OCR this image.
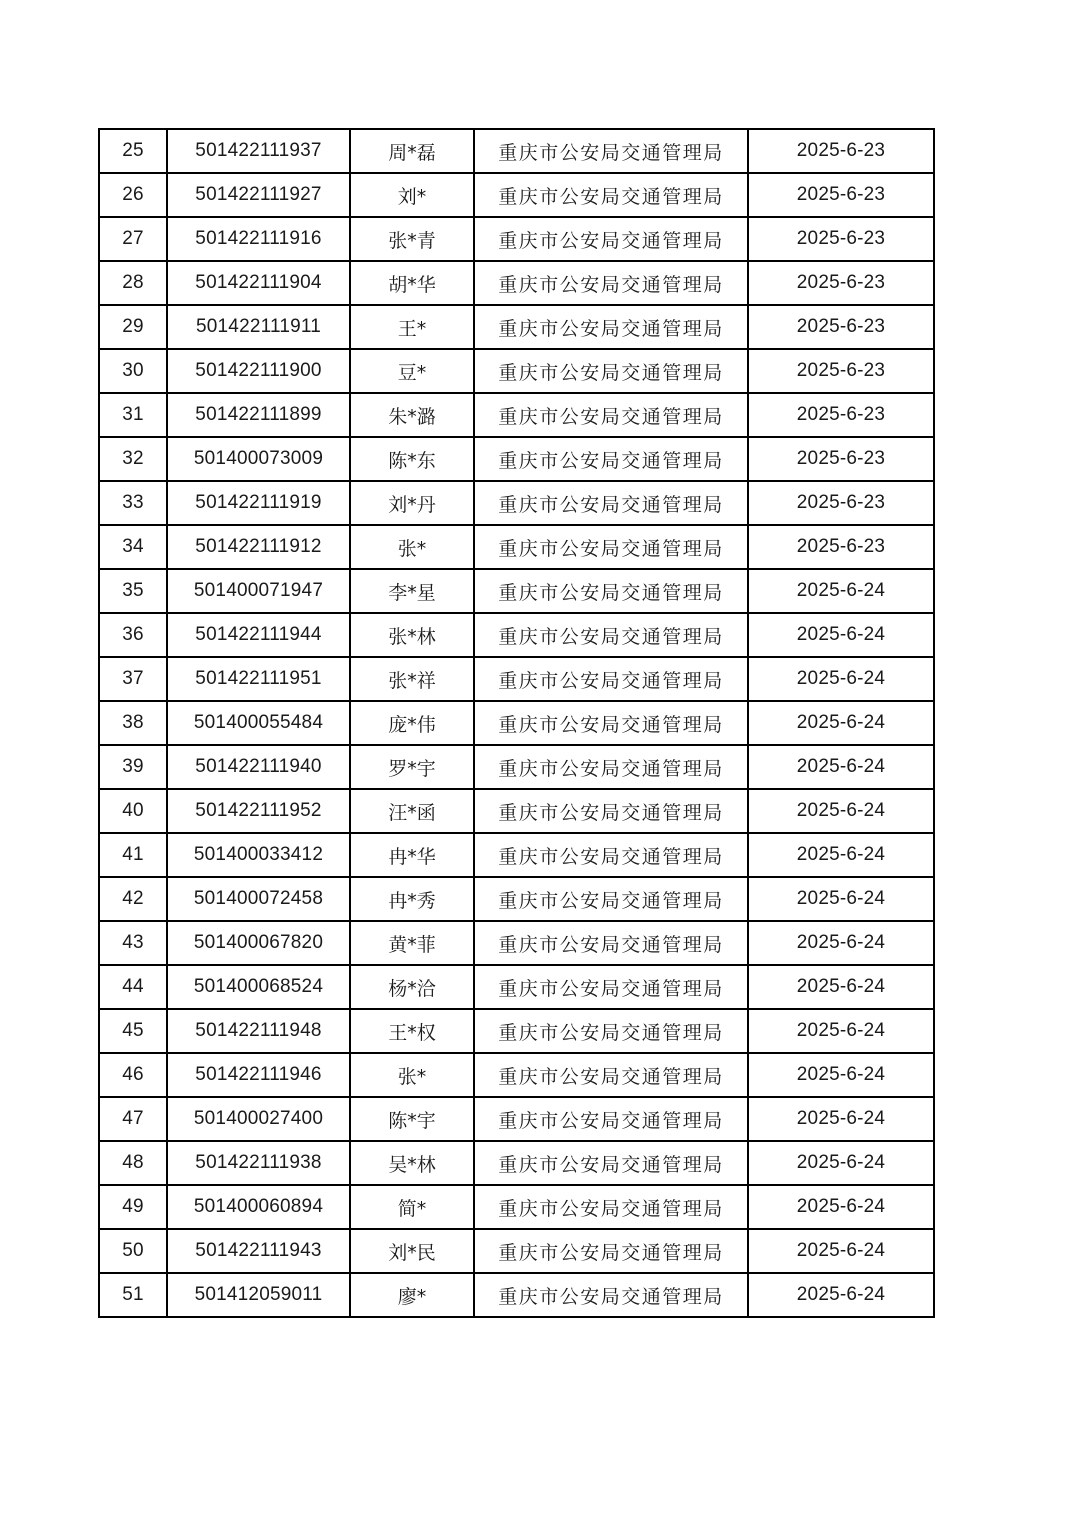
25	501422111937	周*磊	重庆市公安局交通管理局	2025-6-23
26	501422111927	刘*	重庆市公安局交通管理局	2025-6-23
27	501422111916	张*青	重庆市公安局交通管理局	2025-6-23
28	501422111904	胡*华	重庆市公安局交通管理局	2025-6-23
29	501422111911	王*	重庆市公安局交通管理局	2025-6-23
30	501422111900	豆*	重庆市公安局交通管理局	2025-6-23
31	501422111899	朱*潞	重庆市公安局交通管理局	2025-6-23
32	501400073009	陈*东	重庆市公安局交通管理局	2025-6-23
33	501422111919	刘*丹	重庆市公安局交通管理局	2025-6-23
34	501422111912	张*	重庆市公安局交通管理局	2025-6-23
35	501400071947	李*星	重庆市公安局交通管理局	2025-6-24
36	501422111944	张*林	重庆市公安局交通管理局	2025-6-24
37	501422111951	张*祥	重庆市公安局交通管理局	2025-6-24
38	501400055484	庞*伟	重庆市公安局交通管理局	2025-6-24
39	501422111940	罗*宇	重庆市公安局交通管理局	2025-6-24
40	501422111952	汪*函	重庆市公安局交通管理局	2025-6-24
41	501400033412	冉*华	重庆市公安局交通管理局	2025-6-24
42	501400072458	冉*秀	重庆市公安局交通管理局	2025-6-24
43	501400067820	黄*菲	重庆市公安局交通管理局	2025-6-24
44	501400068524	杨*洽	重庆市公安局交通管理局	2025-6-24
45	501422111948	王*权	重庆市公安局交通管理局	2025-6-24
46	501422111946	张*	重庆市公安局交通管理局	2025-6-24
47	501400027400	陈*宇	重庆市公安局交通管理局	2025-6-24
48	501422111938	吴*林	重庆市公安局交通管理局	2025-6-24
49	501400060894	简*	重庆市公安局交通管理局	2025-6-24
50	501422111943	刘*民	重庆市公安局交通管理局	2025-6-24
51	501412059011	廖*	重庆市公安局交通管理局	2025-6-24
